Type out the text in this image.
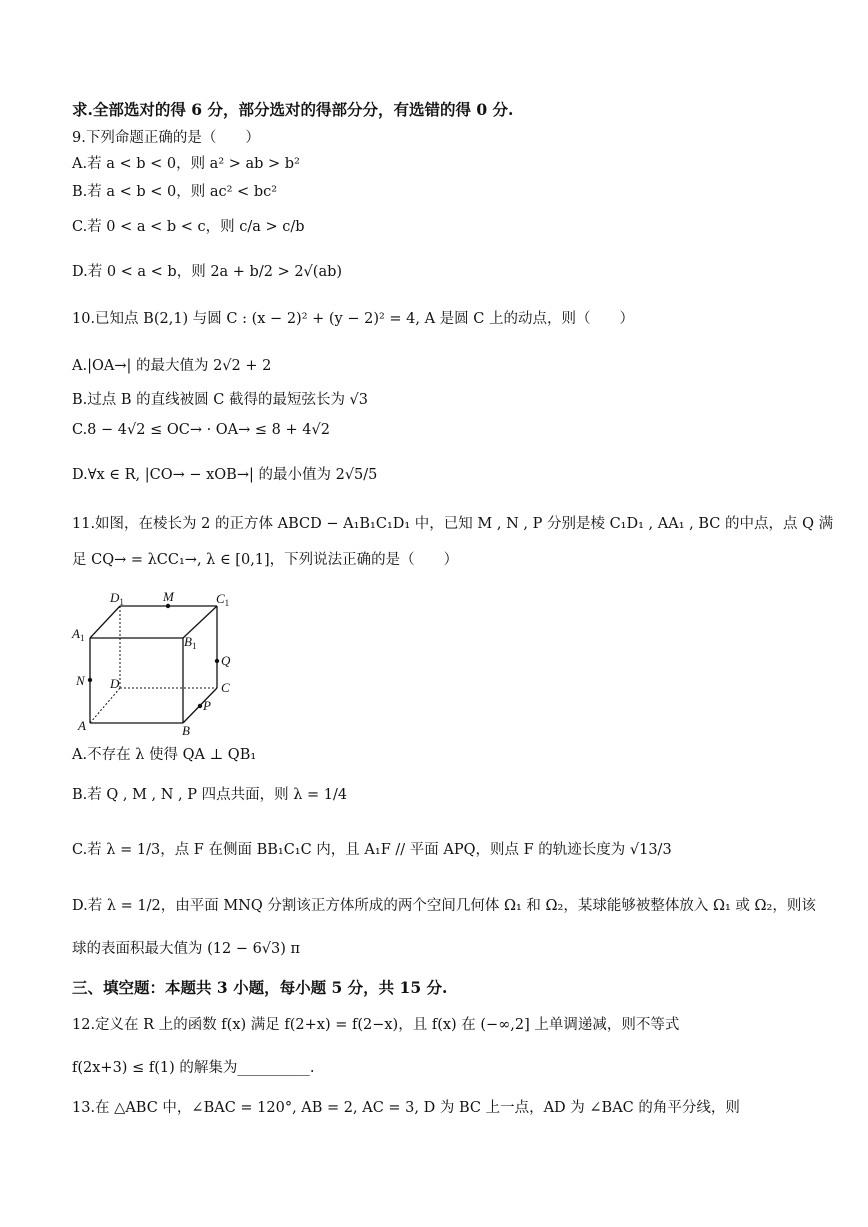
求.全部选对的得 6 分，部分选对的得部分分，有选错的得 0 分.
9.下列命题正确的是（　　）
A.若 a < b < 0，则 a² > ab > b²
B.若 a < b < 0，则 ac² < bc²
C.若 0 < a < b < c，则 c/a > c/b
D.若 0 < a < b，则 2a + b/2 > 2√(ab)
10.已知点 B(2,1) 与圆 C : (x − 2)² + (y − 2)² = 4, A 是圆 C 上的动点，则（　　）
A.|OA→| 的最大值为 2√2 + 2
B.过点 B 的直线被圆 C 截得的最短弦长为 √3
C.8 − 4√2 ≤ OC→ · OA→ ≤ 8 + 4√2
D.∀x ∈ R, |CO→ − xOB→| 的最小值为 2√5/5
11.如图，在棱长为 2 的正方体 ABCD − A₁B₁C₁D₁ 中，已知 M , N , P 分别是棱 C₁D₁ , AA₁ , BC 的中点，点 Q 满
足 CQ→ = λCC₁→, λ ∈ [0,1]，下列说法正确的是（　　）
$D_1$	M	$C_1$
$A_1$	$B_1$
Q
N D	C
P
A	B
A.不存在 λ 使得 QA ⊥ QB₁
B.若 Q , M , N , P 四点共面，则 λ = 1/4
C.若 λ = 1/3，点 F 在侧面 BB₁C₁C 内，且 A₁F // 平面 APQ，则点 F 的轨迹长度为 √13/3
D.若 λ = 1/2，由平面 MNQ 分割该正方体所成的两个空间几何体 Ω₁ 和 Ω₂，某球能够被整体放入 Ω₁ 或 Ω₂，则该
球的表面积最大值为 (12 − 6√3) π
三、填空题：本题共 3 小题，每小题 5 分，共 15 分.
12.定义在 R 上的函数 f(x) 满足 f(2+x) = f(2−x)，且 f(x) 在 (−∞,2] 上单调递减，则不等式
f(2x+3) ≤ f(1) 的解集为__________.
13.在 △ABC 中，∠BAC = 120°, AB = 2, AC = 3, D 为 BC 上一点，AD 为 ∠BAC 的角平分线，则
